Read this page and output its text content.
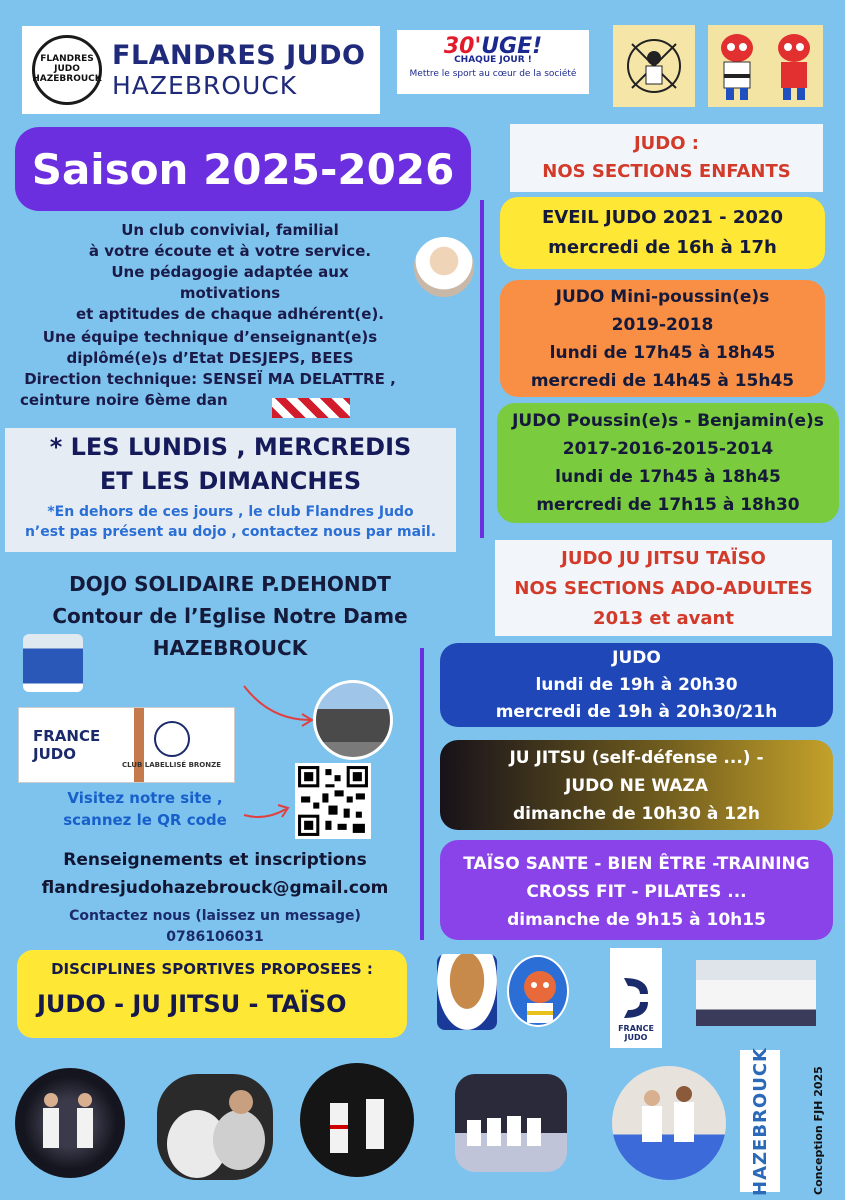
FLANDRES JUDO HAZEBROUCK
FLANDRES JUDO
HAZEBROUCK
30'UGE!
CHAQUE JOUR !
Mettre le sport au cœur de la société
Saison 2025-2026
Un club convivial, familial
à votre écoute et à votre service.
Une pédagogie adaptée aux motivations
et aptitudes de chaque adhérent(e).
Une équipe technique d’enseignant(e)s
diplômé(e)s d’Etat DESJEPS, BEES
Direction technique: SENSEÏ MA DELATTRE ,
ceinture noire 6ème dan
* LES LUNDIS , MERCREDIS
ET LES DIMANCHES
*En dehors de ces jours , le club Flandres Judo
n’est pas présent au dojo , contactez nous par mail.
DOJO SOLIDAIRE P.DEHONDT
Contour de l’Eglise Notre Dame
HAZEBROUCK
FRANCE
JUDO
CLUB LABELLISÉ BRONZE
Visitez notre site ,
scannez le QR code
Renseignements et inscriptions
flandresjudohazebrouck@gmail.com
Contactez nous (laissez un message)
0786106031
DISCIPLINES SPORTIVES PROPOSEES :
JUDO - JU JITSU - TAÏSO
JUDO :
NOS SECTIONS ENFANTS
EVEIL JUDO 2021 - 2020
mercredi de 16h à 17h
JUDO Mini-poussin(e)s
2019-2018
lundi de 17h45 à 18h45
mercredi de 14h45 à 15h45
JUDO Poussin(e)s - Benjamin(e)s
2017-2016-2015-2014
lundi de 17h45 à 18h45
mercredi de 17h15 à 18h30
JUDO JU JITSU TAÏSO
NOS SECTIONS ADO-ADULTES
2013 et avant
JUDO
lundi de 19h à 20h30
mercredi de 19h à 20h30/21h
JU JITSU (self-défense ...) -
JUDO NE WAZA
dimanche de 10h30 à 12h
TAÏSO SANTE - BIEN ÊTRE -TRAINING
CROSS FIT - PILATES ...
dimanche de 9h15 à 10h15
FRANCE
JUDO
HAZEBROUCK	Conception FJH 2025
